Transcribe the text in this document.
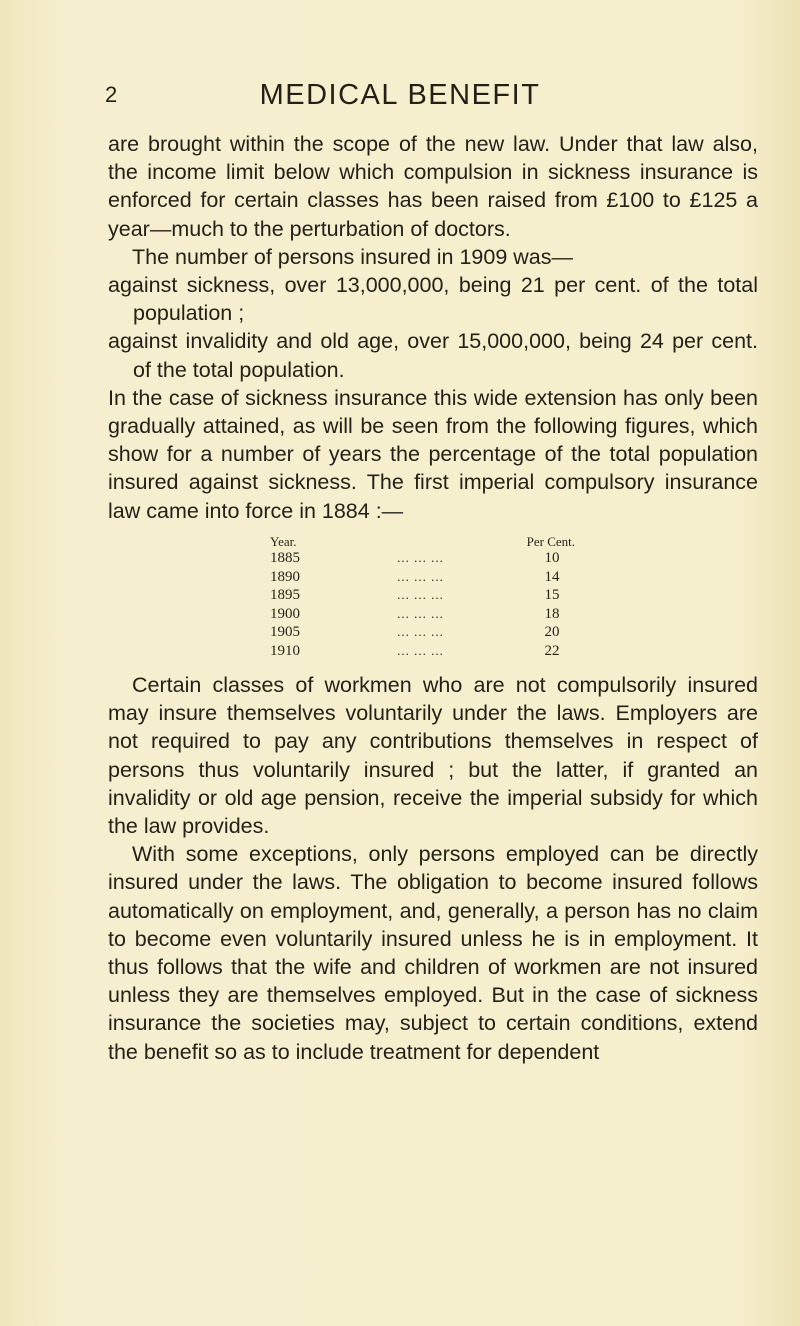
2	MEDICAL BENEFIT

are brought within the scope of the new law. Under that law also, the income limit below which compulsion in sickness insurance is enforced for certain classes has been raised from £100 to £125 a year—much to the perturbation of doctors.

The number of persons insured in 1909 was—

against sickness, over 13,000,000, being 21 per cent. of the total population ;

against invalidity and old age, over 15,000,000, being 24 per cent. of the total population.

In the case of sickness insurance this wide extension has only been gradually attained, as will be seen from the following figures, which show for a number of years the percentage of the total population insured against sickness. The first imperial compulsory insurance law came into force in 1884 :—

Year.	Per Cent.
1885	... ... ...	10
1890	... ... ...	14
1895	... ... ...	15
1900	... ... ...	18
1905	... ... ...	20
1910	... ... ...	22

Certain classes of workmen who are not compulsorily insured may insure themselves voluntarily under the laws. Employers are not required to pay any contributions themselves in respect of persons thus voluntarily insured ; but the latter, if granted an invalidity or old age pension, receive the imperial subsidy for which the law provides.

With some exceptions, only persons employed can be directly insured under the laws. The obligation to become insured follows automatically on employment, and, generally, a person has no claim to become even voluntarily insured unless he is in employment. It thus follows that the wife and children of workmen are not insured unless they are themselves employed. But in the case of sickness insurance the societies may, subject to certain conditions, extend the benefit so as to include treatment for dependent
